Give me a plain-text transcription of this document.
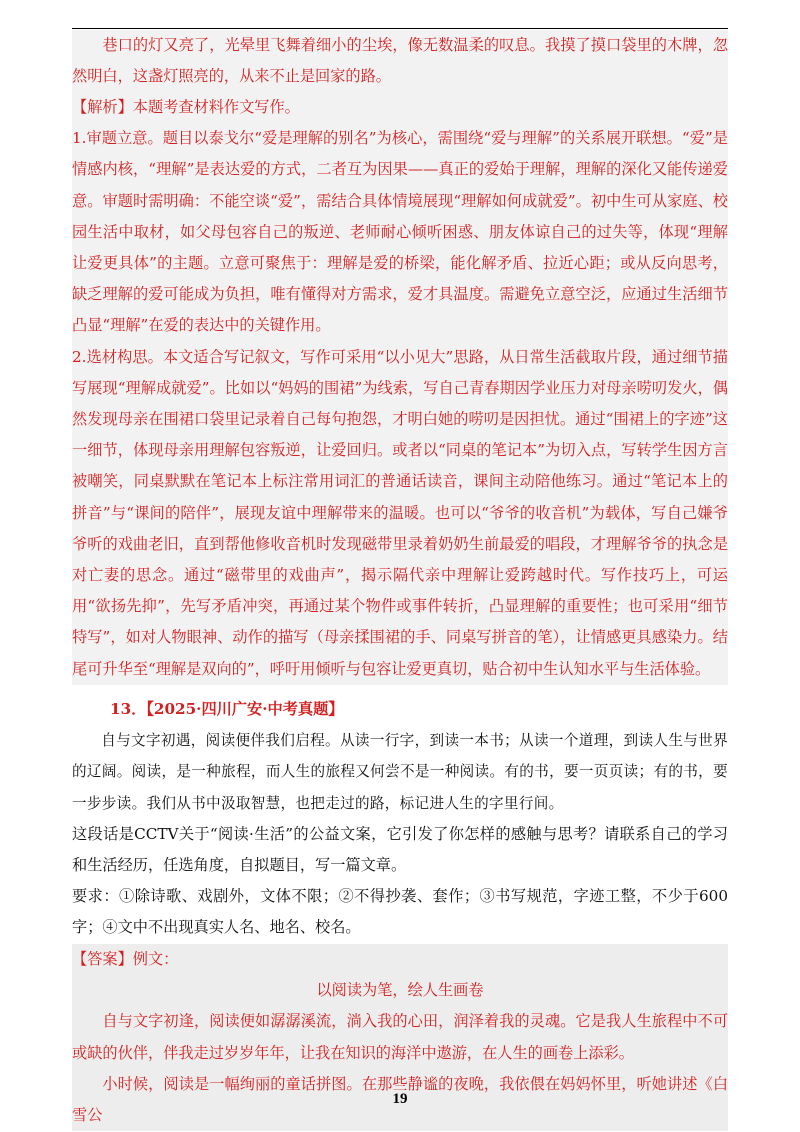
巷口的灯又亮了，光晕里飞舞着细小的尘埃，像无数温柔的叹息。我摸了摸口袋里的木牌，忽然明白，这盏灯照亮的，从来不止是回家的路。

【解析】本题考查材料作文写作。

1.审题立意。题目以泰戈尔“爱是理解的别名”为核心，需围绕“爱与理解”的关系展开联想。“爱”是情感内核，“理解”是表达爱的方式，二者互为因果——真正的爱始于理解，理解的深化又能传递爱意。审题时需明确：不能空谈“爱”，需结合具体情境展现“理解如何成就爱”。初中生可从家庭、校园生活中取材，如父母包容自己的叛逆、老师耐心倾听困惑、朋友体谅自己的过失等，体现“理解让爱更具体”的主题。立意可聚焦于：理解是爱的桥梁，能化解矛盾、拉近心距；或从反向思考，缺乏理解的爱可能成为负担，唯有懂得对方需求，爱才具温度。需避免立意空泛，应通过生活细节凸显“理解”在爱的表达中的关键作用。

2.选材构思。本文适合写记叙文，写作可采用“以小见大”思路，从日常生活截取片段，通过细节描写展现“理解成就爱”。比如以“妈妈的围裙”为线索，写自己青春期因学业压力对母亲唠叨发火，偶然发现母亲在围裙口袋里记录着自己每句抱怨，才明白她的唠叨是因担忧。通过“围裙上的字迹”这一细节，体现母亲用理解包容叛逆，让爱回归。或者以“同桌的笔记本”为切入点，写转学生因方言被嘲笑，同桌默默在笔记本上标注常用词汇的普通话读音，课间主动陪他练习。通过“笔记本上的拼音”与“课间的陪伴”，展现友谊中理解带来的温暖。也可以“爷爷的收音机”为载体，写自己嫌爷爷听的戏曲老旧，直到帮他修收音机时发现磁带里录着奶奶生前最爱的唱段，才理解爷爷的执念是对亡妻的思念。通过“磁带里的戏曲声”，揭示隔代亲中理解让爱跨越时代。写作技巧上，可运用“欲扬先抑”，先写矛盾冲突，再通过某个物件或事件转折，凸显理解的重要性；也可采用“细节特写”，如对人物眼神、动作的描写（母亲揉围裙的手、同桌写拼音的笔），让情感更具感染力。结尾可升华至“理解是双向的”，呼吁用倾听与包容让爱更真切，贴合初中生认知水平与生活体验。

13．【2025·四川广安·中考真题】

自与文字初遇，阅读便伴我们启程。从读一行字，到读一本书；从读一个道理，到读人生与世界的辽阔。阅读，是一种旅程，而人生的旅程又何尝不是一种阅读。有的书，要一页页读；有的书，要一步步读。我们从书中汲取智慧，也把走过的路，标记进人生的字里行间。

这段话是CCTV关于“阅读·生活”的公益文案，它引发了你怎样的感触与思考？请联系自己的学习和生活经历，任选角度，自拟题目，写一篇文章。

要求：①除诗歌、戏剧外，文体不限；②不得抄袭、套作；③书写规范，字迹工整，不少于600字；④文中不出现真实人名、地名、校名。

【答案】例文：

以阅读为笔，绘人生画卷

自与文字初逢，阅读便如潺潺溪流，淌入我的心田，润泽着我的灵魂。它是我人生旅程中不可或缺的伙伴，伴我走过岁岁年年，让我在知识的海洋中遨游，在人生的画卷上添彩。

小时候，阅读是一幅绚丽的童话拼图。在那些静谧的夜晚，我依偎在妈妈怀里，听她讲述《白雪公

19
